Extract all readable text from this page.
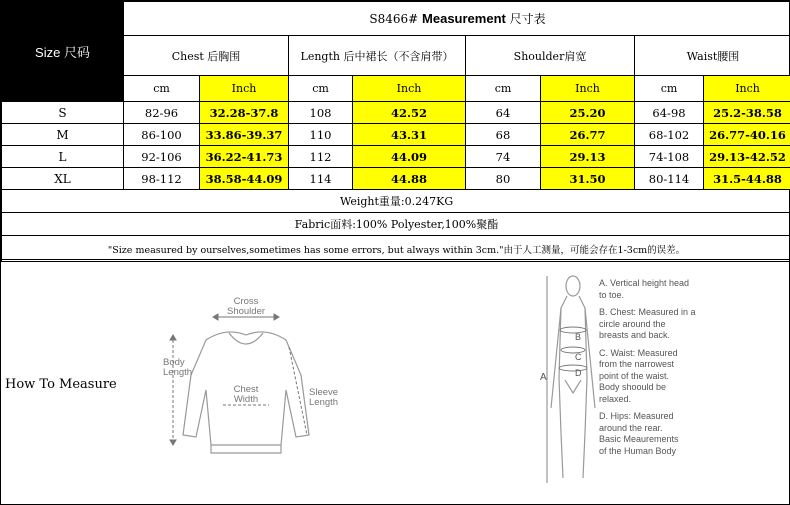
Size 尺码	S8466# Measurement 尺寸表							
	Chest 后胸围		Length 后中裙长（不含肩带）		Shoulder肩宽		Waist腰围	
	cm	Inch	cm	Inch	cm	Inch	cm	Inch
S	82-96	32.28-37.8	108	42.52	64	25.20	64-98	25.2-38.58
M	86-100	33.86-39.37	110	43.31	68	26.77	68-102	26.77-40.16
L	92-106	36.22-41.73	112	44.09	74	29.13	74-108	29.13-42.52
XL	98-112	38.58-44.09	114	44.88	80	31.50	80-114	31.5-44.88
Weight重量:0.247KG								
Fabric面料:100% Polyester,100%聚酯								
"Size measured by ourselves,sometimes has some errors, but always within 3cm."由于人工测量，可能会存在1-3cm的误差。								
How To Measure
Cross
Shoulder
Body
Length
Chest
Width
Sleeve
Length
B
C
D
A
A. Vertical height head
to toe.
B. Chest: Measured in a
circle around the
breasts and back.
C. Waist: Measured
from the narrowest
point of the waist.
Body shoould be
relaxed.
D. Hips: Measured
around the rear.
Basic Meaurements
of the Human Body
